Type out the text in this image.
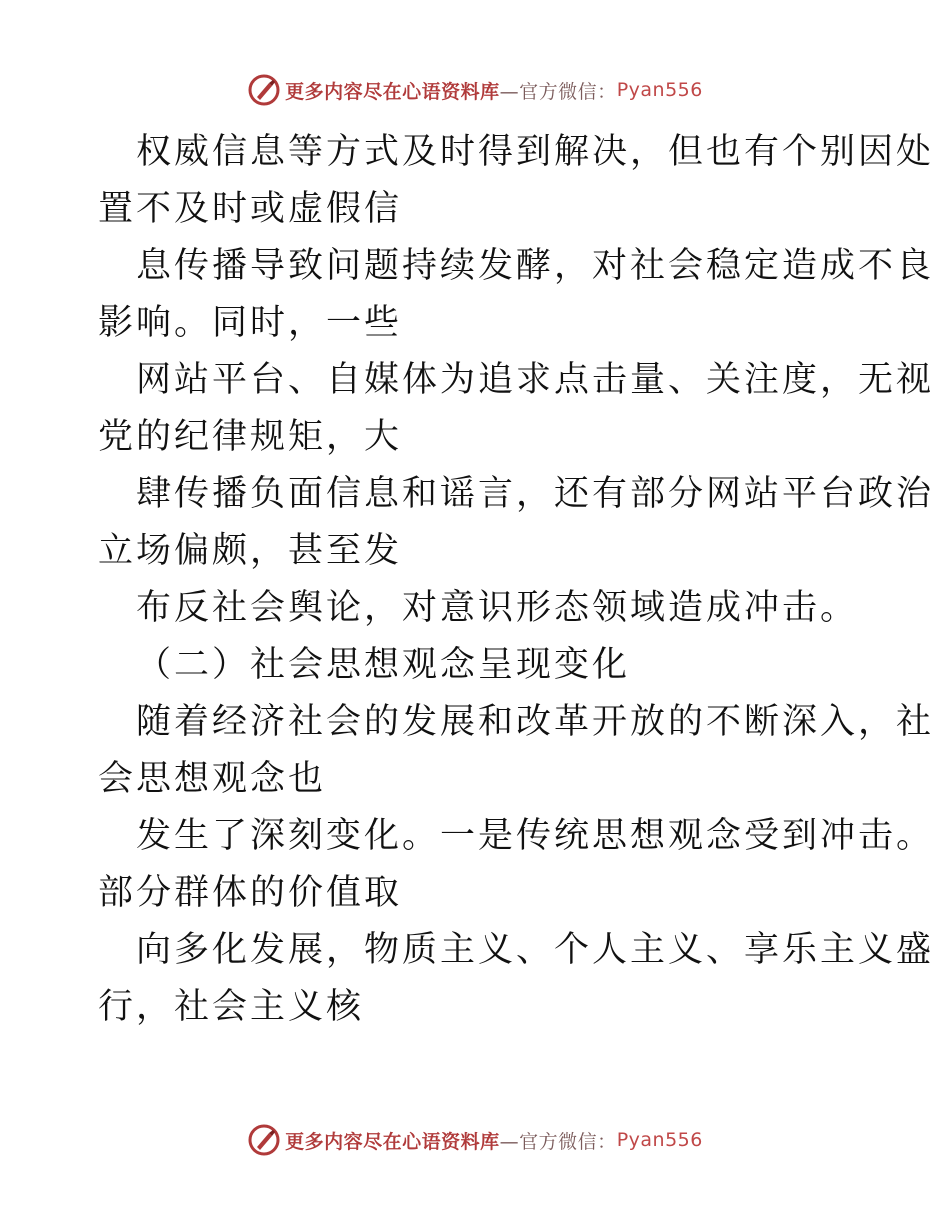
更多内容尽在心语资料库 —官方微信： Pyan556
权威信息等方式及时得到解决，但也有个别因处
置不及时或虚假信
息传播导致问题持续发酵，对社会稳定造成不良
影响。同时，一些
网站平台、自媒体为追求点击量、关注度，无视
党的纪律规矩，大
肆传播负面信息和谣言，还有部分网站平台政治
立场偏颇，甚至发
布反社会舆论，对意识形态领域造成冲击。
（二）社会思想观念呈现变化
随着经济社会的发展和改革开放的不断深入，社
会思想观念也
发生了深刻变化。一是传统思想观念受到冲击。
部分群体的价值取
向多化发展，物质主义、个人主义、享乐主义盛
行，社会主义核
更多内容尽在心语资料库 —官方微信： Pyan556
